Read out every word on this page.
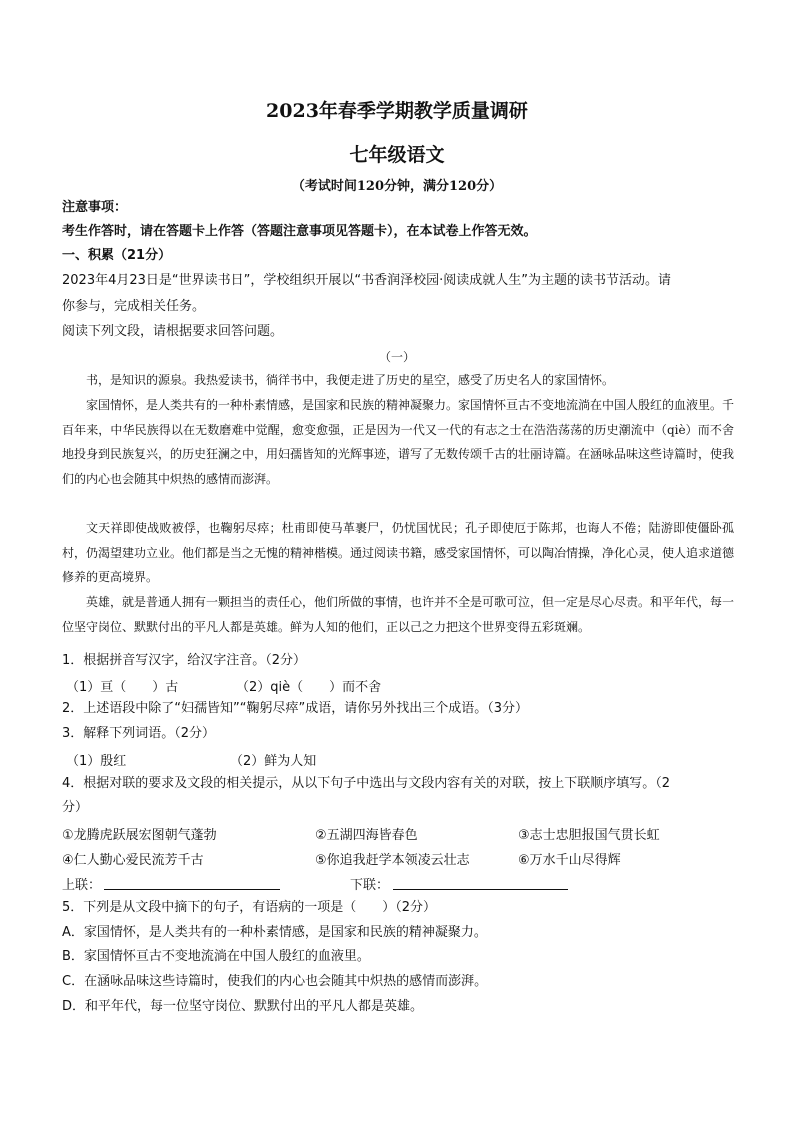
2023年春季学期教学质量调研
七年级语文
（考试时间120分钟，满分120分）
注意事项：
考生作答时，请在答题卡上作答（答题注意事项见答题卡），在本试卷上作答无效。
一、积累（21分）
2023年4月23日是“世界读书日”，学校组织开展以“书香润泽校园·阅读成就人生”为主题的读书节活动。请
你参与，完成相关任务。
阅读下列文段，请根据要求回答问题。
（一）
书，是知识的源泉。我热爱读书，徜徉书中，我便走进了历史的星空，感受了历史名人的家国情怀。
家国情怀，是人类共有的一种朴素情感，是国家和民族的精神凝聚力。家国情怀亘古不变地流淌在中国人殷红的血液里。千百年来，中华民族得以在无数磨难中觉醒，愈变愈强，正是因为一代又一代的有志之士在浩浩荡荡的历史潮流中（qiè）而不舍地投身到民族复兴，的历史狂澜之中，用妇孺皆知的光辉事迹，谱写了无数传颂千古的壮丽诗篇。在涵咏品味这些诗篇时，使我们的内心也会随其中炽热的感情而澎湃。
文天祥即使战败被俘，也鞠躬尽瘁；杜甫即使马革裹尸，仍忧国忧民；孔子即使厄于陈邦，也诲人不倦；陆游即使僵卧孤村，仍渴望建功立业。他们都是当之无愧的精神楷模。通过阅读书籍，感受家国情怀，可以陶冶情操，净化心灵，使人追求道德修养的更高境界。
英雄，就是普通人拥有一颗担当的责任心，他们所做的事情，也许并不全是可歌可泣，但一定是尽心尽责。和平年代，每一位坚守岗位、默默付出的平凡人都是英雄。鲜为人知的他们，正以己之力把这个世界变得五彩斑斓。
1．根据拼音写汉字，给汉字注音。（2分）
（1）亘（　　）古	（2）qiè（　　）而不舍
2．上述语段中除了“妇孺皆知”“鞠躬尽瘁”成语，请你另外找出三个成语。（3分）
3．解释下列词语。（2分）
（1）殷红	（2）鲜为人知
4．根据对联的要求及文段的相关提示，从以下句子中选出与文段内容有关的对联，按上下联顺序填写。（2
分）
①龙腾虎跃展宏图朝气蓬勃	②五湖四海皆春色	③志士忠胆报国气贯长虹
④仁人勤心爱民流芳千古	⑤你追我赶学本领凌云壮志	⑥万水千山尽得辉
上联：	下联：
5．下列是从文段中摘下的句子，有语病的一项是（　　）（2分）
A．家国情怀，是人类共有的一种朴素情感，是国家和民族的精神凝聚力。
B．家国情怀亘古不变地流淌在中国人殷红的血液里。
C．在涵咏品味这些诗篇时，使我们的内心也会随其中炽热的感情而澎湃。
D．和平年代，每一位坚守岗位、默默付出的平凡人都是英雄。
